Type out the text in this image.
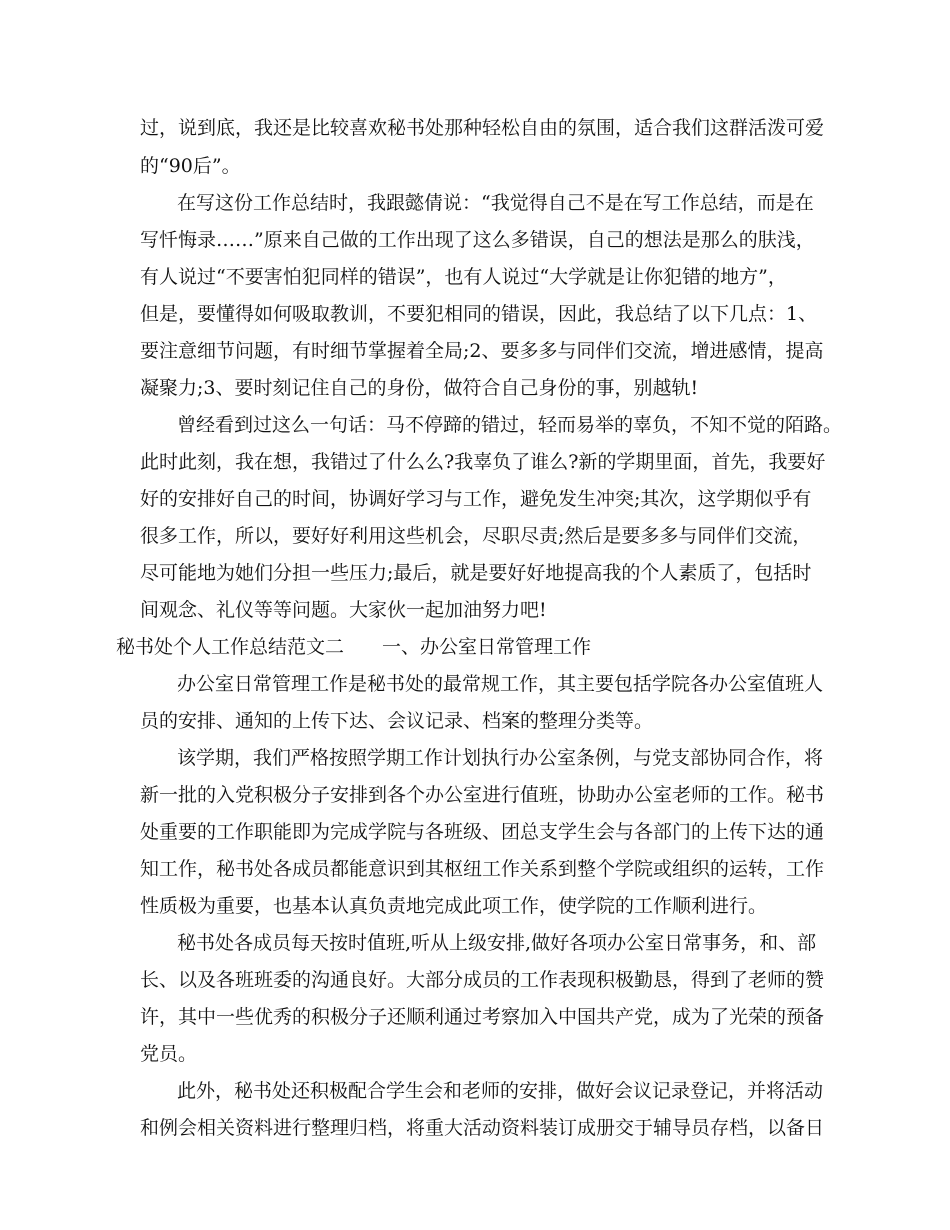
过，说到底，我还是比较喜欢秘书处那种轻松自由的氛围，适合我们这群活泼可爱
的“90后”。
在写这份工作总结时，我跟懿倩说：“我觉得自己不是在写工作总结，而是在
写忏悔录……”原来自己做的工作出现了这么多错误，自己的想法是那么的肤浅，
有人说过“不要害怕犯同样的错误”，也有人说过“大学就是让你犯错的地方”，
但是，要懂得如何吸取教训，不要犯相同的错误，因此，我总结了以下几点：1、
要注意细节问题，有时细节掌握着全局;2、要多多与同伴们交流，增进感情，提高
凝聚力;3、要时刻记住自己的身份，做符合自己身份的事，别越轨!
曾经看到过这么一句话：马不停蹄的错过，轻而易举的辜负，不知不觉的陌路。
此时此刻，我在想，我错过了什么么?我辜负了谁么?新的学期里面，首先，我要好
好的安排好自己的时间，协调好学习与工作，避免发生冲突;其次，这学期似乎有
很多工作，所以，要好好利用这些机会，尽职尽责;然后是要多多与同伴们交流，
尽可能地为她们分担一些压力;最后，就是要好好地提高我的个人素质了，包括时
间观念、礼仪等等问题。大家伙一起加油努力吧!
秘书处个人工作总结范文二　　一、办公室日常管理工作
办公室日常管理工作是秘书处的最常规工作，其主要包括学院各办公室值班人
员的安排、通知的上传下达、会议记录、档案的整理分类等。
该学期，我们严格按照学期工作计划执行办公室条例，与党支部协同合作，将
新一批的入党积极分子安排到各个办公室进行值班，协助办公室老师的工作。秘书
处重要的工作职能即为完成学院与各班级、团总支学生会与各部门的上传下达的通
知工作，秘书处各成员都能意识到其枢纽工作关系到整个学院或组织的运转，工作
性质极为重要，也基本认真负责地完成此项工作，使学院的工作顺利进行。
秘书处各成员每天按时值班,听从上级安排,做好各项办公室日常事务，和、部
长、以及各班班委的沟通良好。大部分成员的工作表现积极勤恳，得到了老师的赞
许，其中一些优秀的积极分子还顺利通过考察加入中国共产党，成为了光荣的预备
党员。
此外，秘书处还积极配合学生会和老师的安排，做好会议记录登记，并将活动
和例会相关资料进行整理归档，将重大活动资料装订成册交于辅导员存档，以备日
